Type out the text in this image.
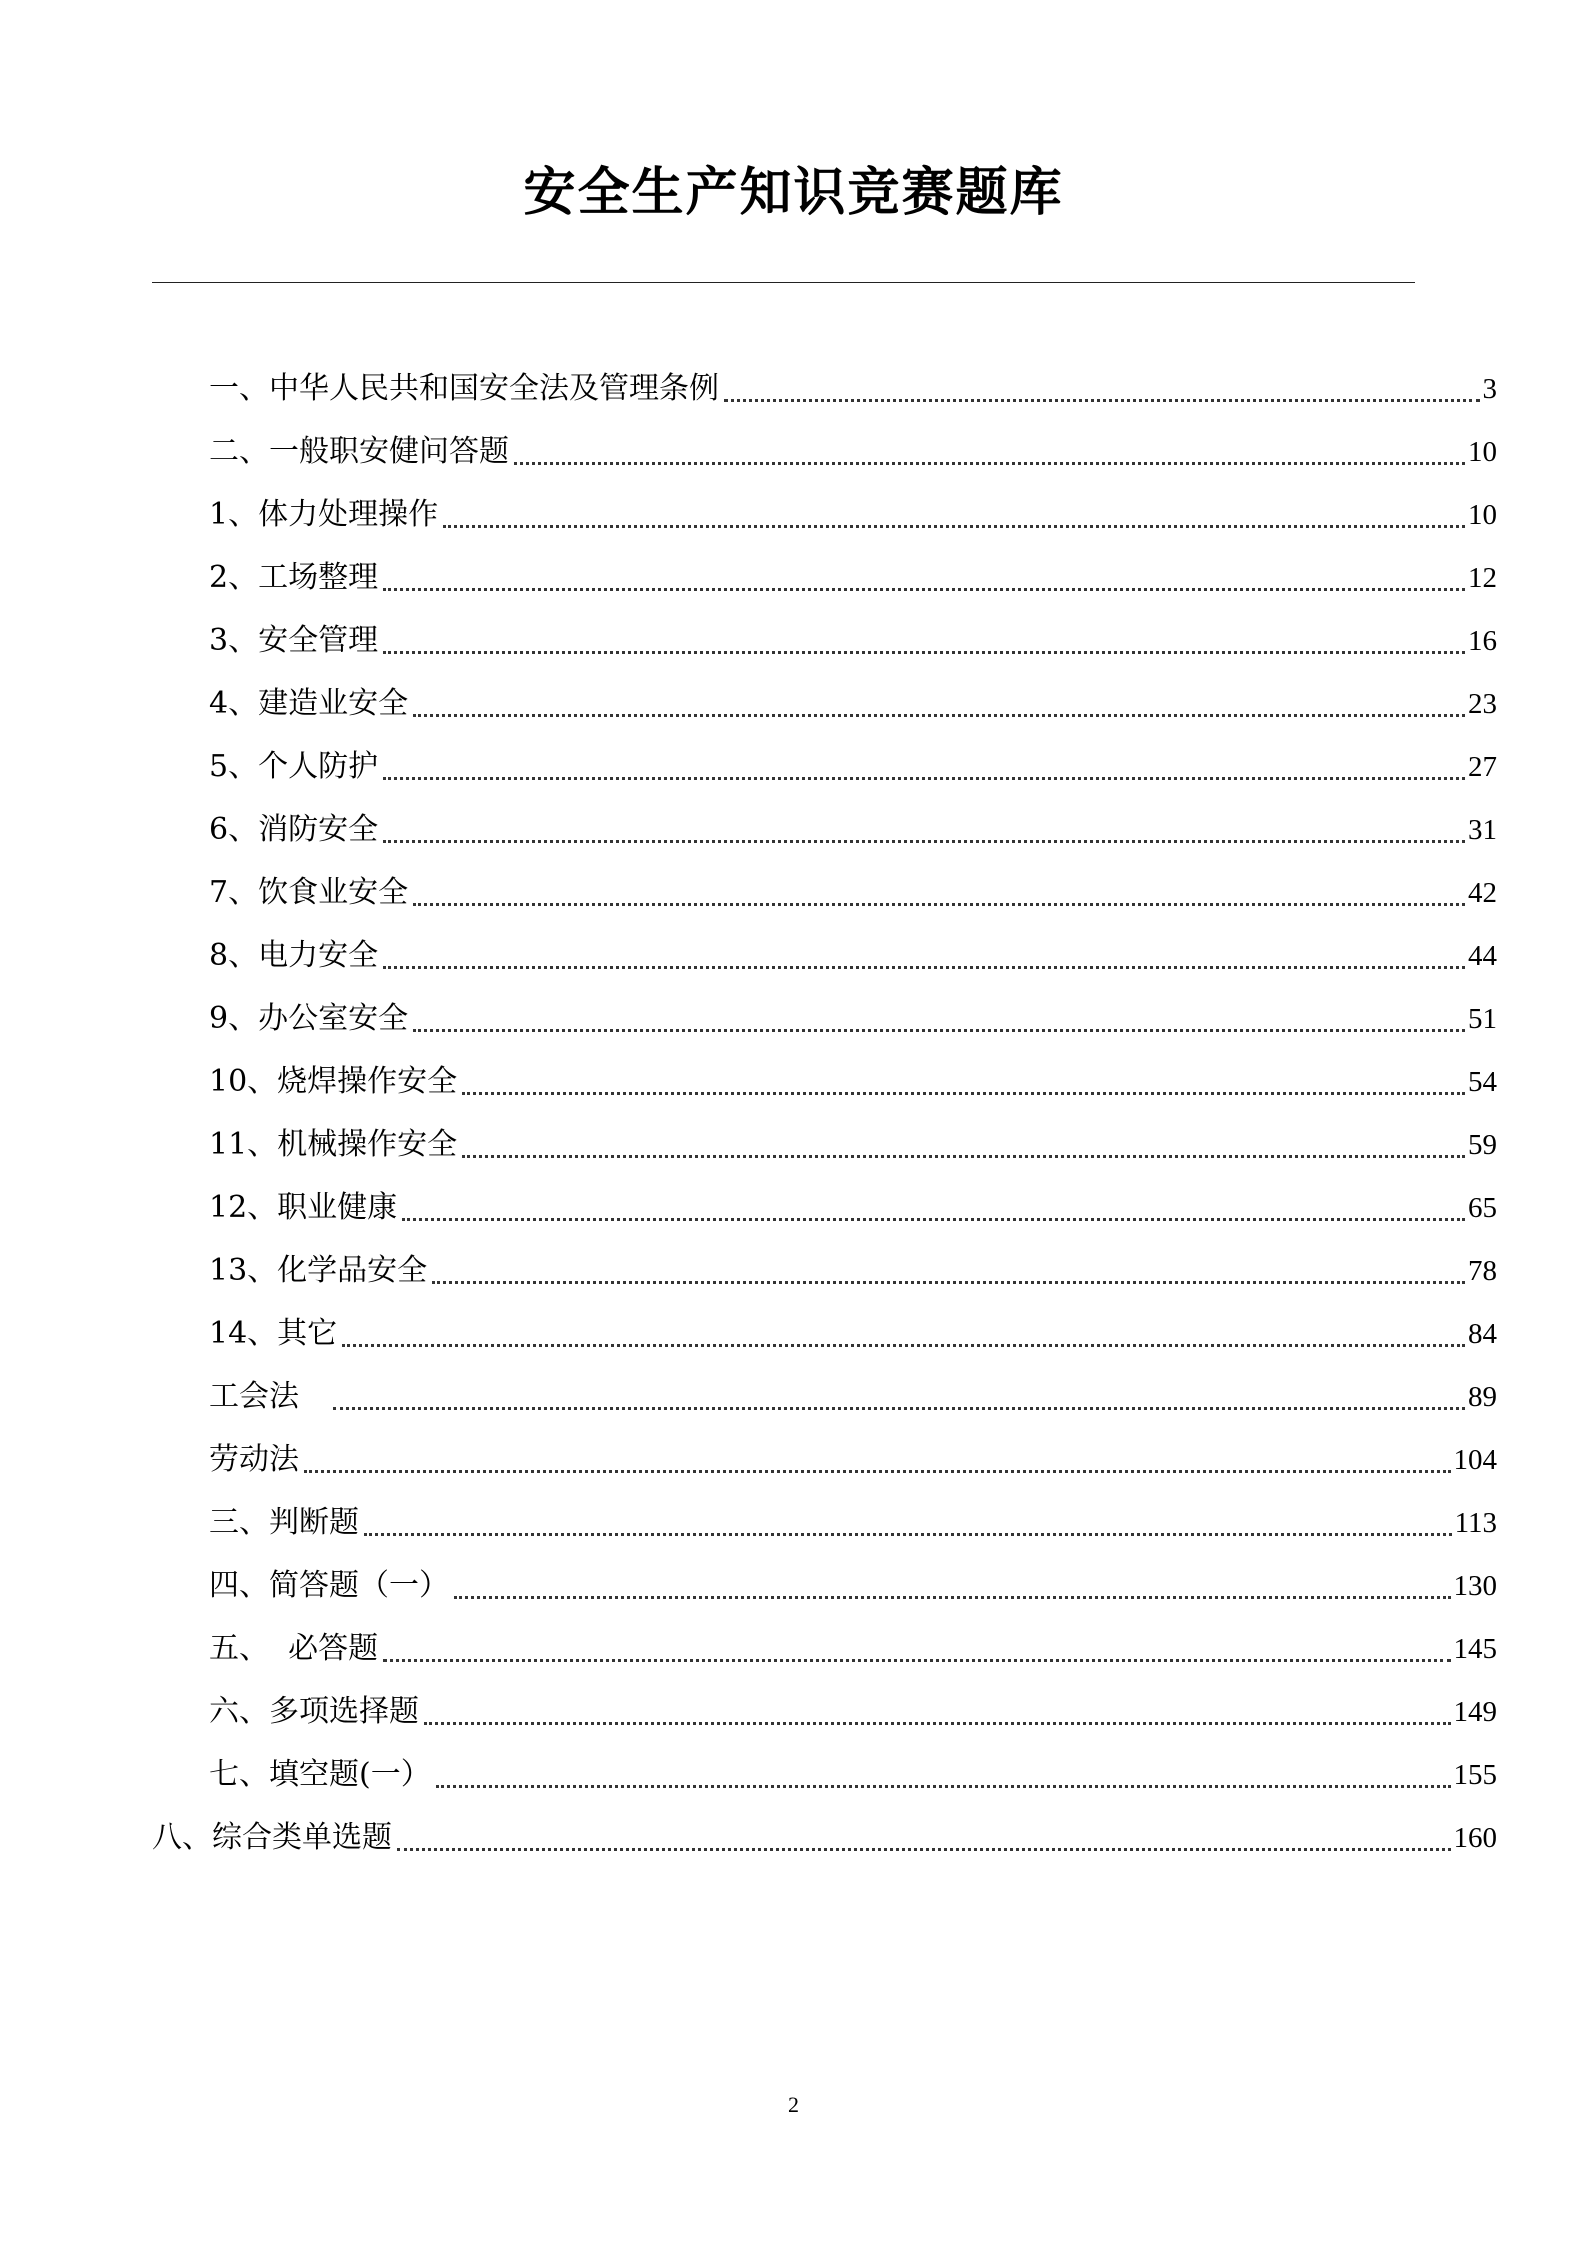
安全生产知识竞赛题库
一、中华人民共和国安全法及管理条例	3
二、一般职安健问答题	10
1、体力处理操作	10
2、工场整理	12
3、安全管理	16
4、建造业安全	23
5、个人防护	27
6、消防安全	31
7、饮食业安全	42
8、电力安全	44
9、办公室安全	51
10、烧焊操作安全	54
11、机械操作安全	59
12、职业健康	65
13、化学品安全	78
14、其它	84
工会法	89
劳动法	104
三、判断题	113
四、简答题（一）	130
五、  必答题	145
六、多项选择题	149
七、填空题(一）	155
八、综合类单选题	160
2
